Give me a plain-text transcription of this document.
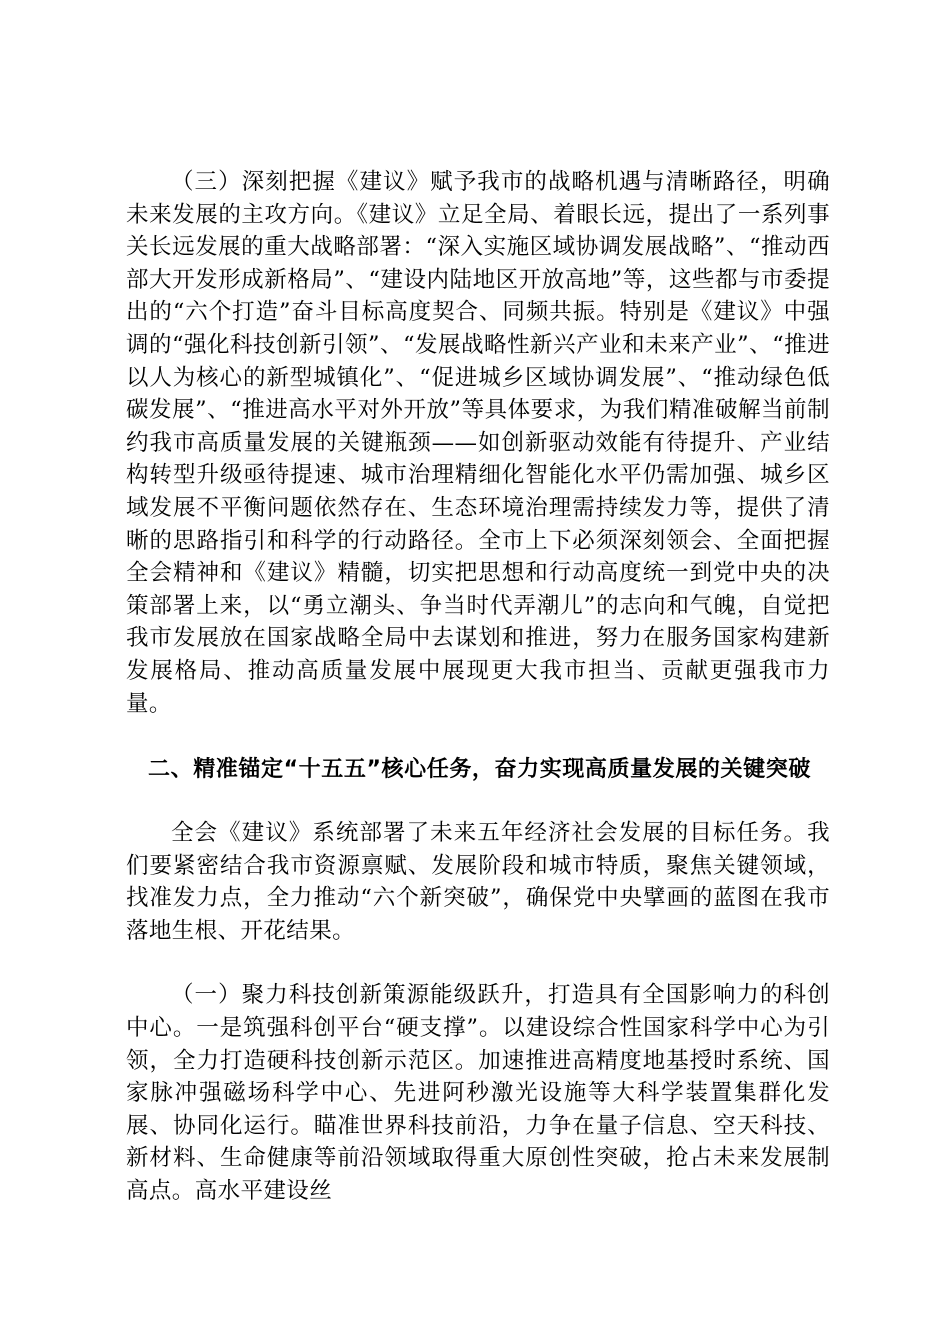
（三）深刻把握《建议》赋予我市的战略机遇与清晰路径，明确未来发展的主攻方向。《建议》立足全局、着眼长远，提出了一系列事关长远发展的重大战略部署：“深入实施区域协调发展战略”、“推动西部大开发形成新格局”、“建设内陆地区开放高地”等，这些都与市委提出的“六个打造”奋斗目标高度契合、同频共振。特别是《建议》中强调的“强化科技创新引领”、“发展战略性新兴产业和未来产业”、“推进以人为核心的新型城镇化”、“促进城乡区域协调发展”、“推动绿色低碳发展”、“推进高水平对外开放”等具体要求，为我们精准破解当前制约我市高质量发展的关键瓶颈——如创新驱动效能有待提升、产业结构转型升级亟待提速、城市治理精细化智能化水平仍需加强、城乡区域发展不平衡问题依然存在、生态环境治理需持续发力等，提供了清晰的思路指引和科学的行动路径。全市上下必须深刻领会、全面把握全会精神和《建议》精髓，切实把思想和行动高度统一到党中央的决策部署上来，以“勇立潮头、争当时代弄潮儿”的志向和气魄，自觉把我市发展放在国家战略全局中去谋划和推进，努力在服务国家构建新发展格局、推动高质量发展中展现更大我市担当、贡献更强我市力量。

二、精准锚定“十五五”核心任务，奋力实现高质量发展的关键突破

全会《建议》系统部署了未来五年经济社会发展的目标任务。我们要紧密结合我市资源禀赋、发展阶段和城市特质，聚焦关键领域，找准发力点，全力推动“六个新突破”，确保党中央擘画的蓝图在我市落地生根、开花结果。

（一）聚力科技创新策源能级跃升，打造具有全国影响力的科创中心。一是筑强科创平台“硬支撑”。以建设综合性国家科学中心为引领，全力打造硬科技创新示范区。加速推进高精度地基授时系统、国家脉冲强磁场科学中心、先进阿秒激光设施等大科学装置集群化发展、协同化运行。瞄准世界科技前沿，力争在量子信息、空天科技、新材料、生命健康等前沿领域取得重大原创性突破，抢占未来发展制高点。高水平建设丝
